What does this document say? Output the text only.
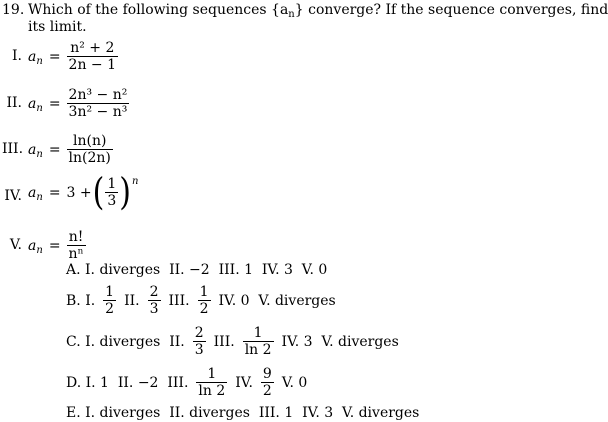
19. Which of the following sequences $\{a_n\}$ converge? If the sequence converges, find
its limit.
I. $a_n = \frac{\text{n² + 2}}{2n - 1}$
II. $a_n = \frac{\text{2n³ − n²}}{\text{3n² − n³}}$
III. $a_n = \frac{\ln(n)}{\ln(2n)}$
IV. $a_n = 3$ + ( $\frac{1}{3}$ ) n
V. $a_n = \frac{n!}{\text{nⁿ}}$
A. I. diverges  II. −2  III. 1  IV. 3  V. 0
B. I. $\frac{1}{2}$ II. $\frac{2}{3}$ III. $\frac{1}{2}$ IV. 0  V. diverges
C. I. diverges  II. $\frac{2}{3}$ III. $\frac{1}{\ln 2}$ IV. 3  V. diverges
D. I. 1  II. −2  III. $\frac{1}{\ln 2}$ IV. $\frac{9}{2} V$. 0
E. I. diverges  II. diverges  III. 1  IV. 3  V. diverges
